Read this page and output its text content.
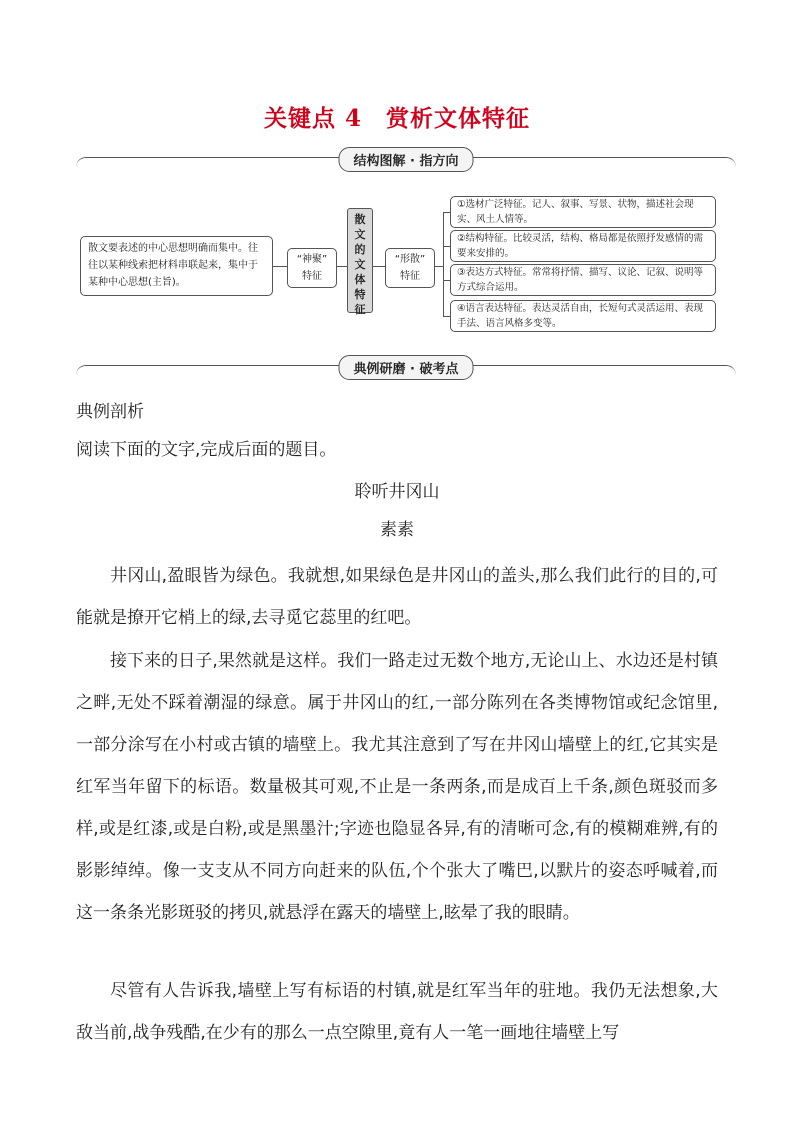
关键点 4　赏析文体特征
结构图解 · 指方向
散文要表述的中心思想明确而集中。往往以某种线索把材料串联起来，集中于某种中心思想(主旨)。
“神聚”
特征
散
文
的
文
体
特
征
“形散”
特征
①选材广泛特征。记人、叙事、写景、状物，描述社会现实、风土人情等。
②结构特征。比较灵活，结构、格局都是依照抒发感情的需要来安排的。
③表达方式特征。常常将抒情、描写、议论、记叙、说明等方式综合运用。
④语言表达特征。表达灵活自由，长短句式灵活运用、表现手法、语言风格多变等。
典例研磨 · 破考点
典例剖析
阅读下面的文字,完成后面的题目。
聆听井冈山
素素
井冈山,盈眼皆为绿色。我就想,如果绿色是井冈山的盖头,那么我们此行的目的,可能就是撩开它梢上的绿,去寻觅它蕊里的红吧。
接下来的日子,果然就是这样。我们一路走过无数个地方,无论山上、水边还是村镇之畔,无处不踩着潮湿的绿意。属于井冈山的红,一部分陈列在各类博物馆或纪念馆里,一部分涂写在小村或古镇的墙壁上。我尤其注意到了写在井冈山墙壁上的红,它其实是红军当年留下的标语。数量极其可观,不止是一条两条,而是成百上千条,颜色斑驳而多样,或是红漆,或是白粉,或是黑墨汁;字迹也隐显各异,有的清晰可念,有的模糊难辨,有的影影绰绰。像一支支从不同方向赶来的队伍,个个张大了嘴巴,以默片的姿态呼喊着,而这一条条光影斑驳的拷贝,就悬浮在露天的墙壁上,眩晕了我的眼睛。
尽管有人告诉我,墙壁上写有标语的村镇,就是红军当年的驻地。我仍无法想象,大敌当前,战争残酷,在少有的那么一点空隙里,竟有人一笔一画地往墙壁上写
